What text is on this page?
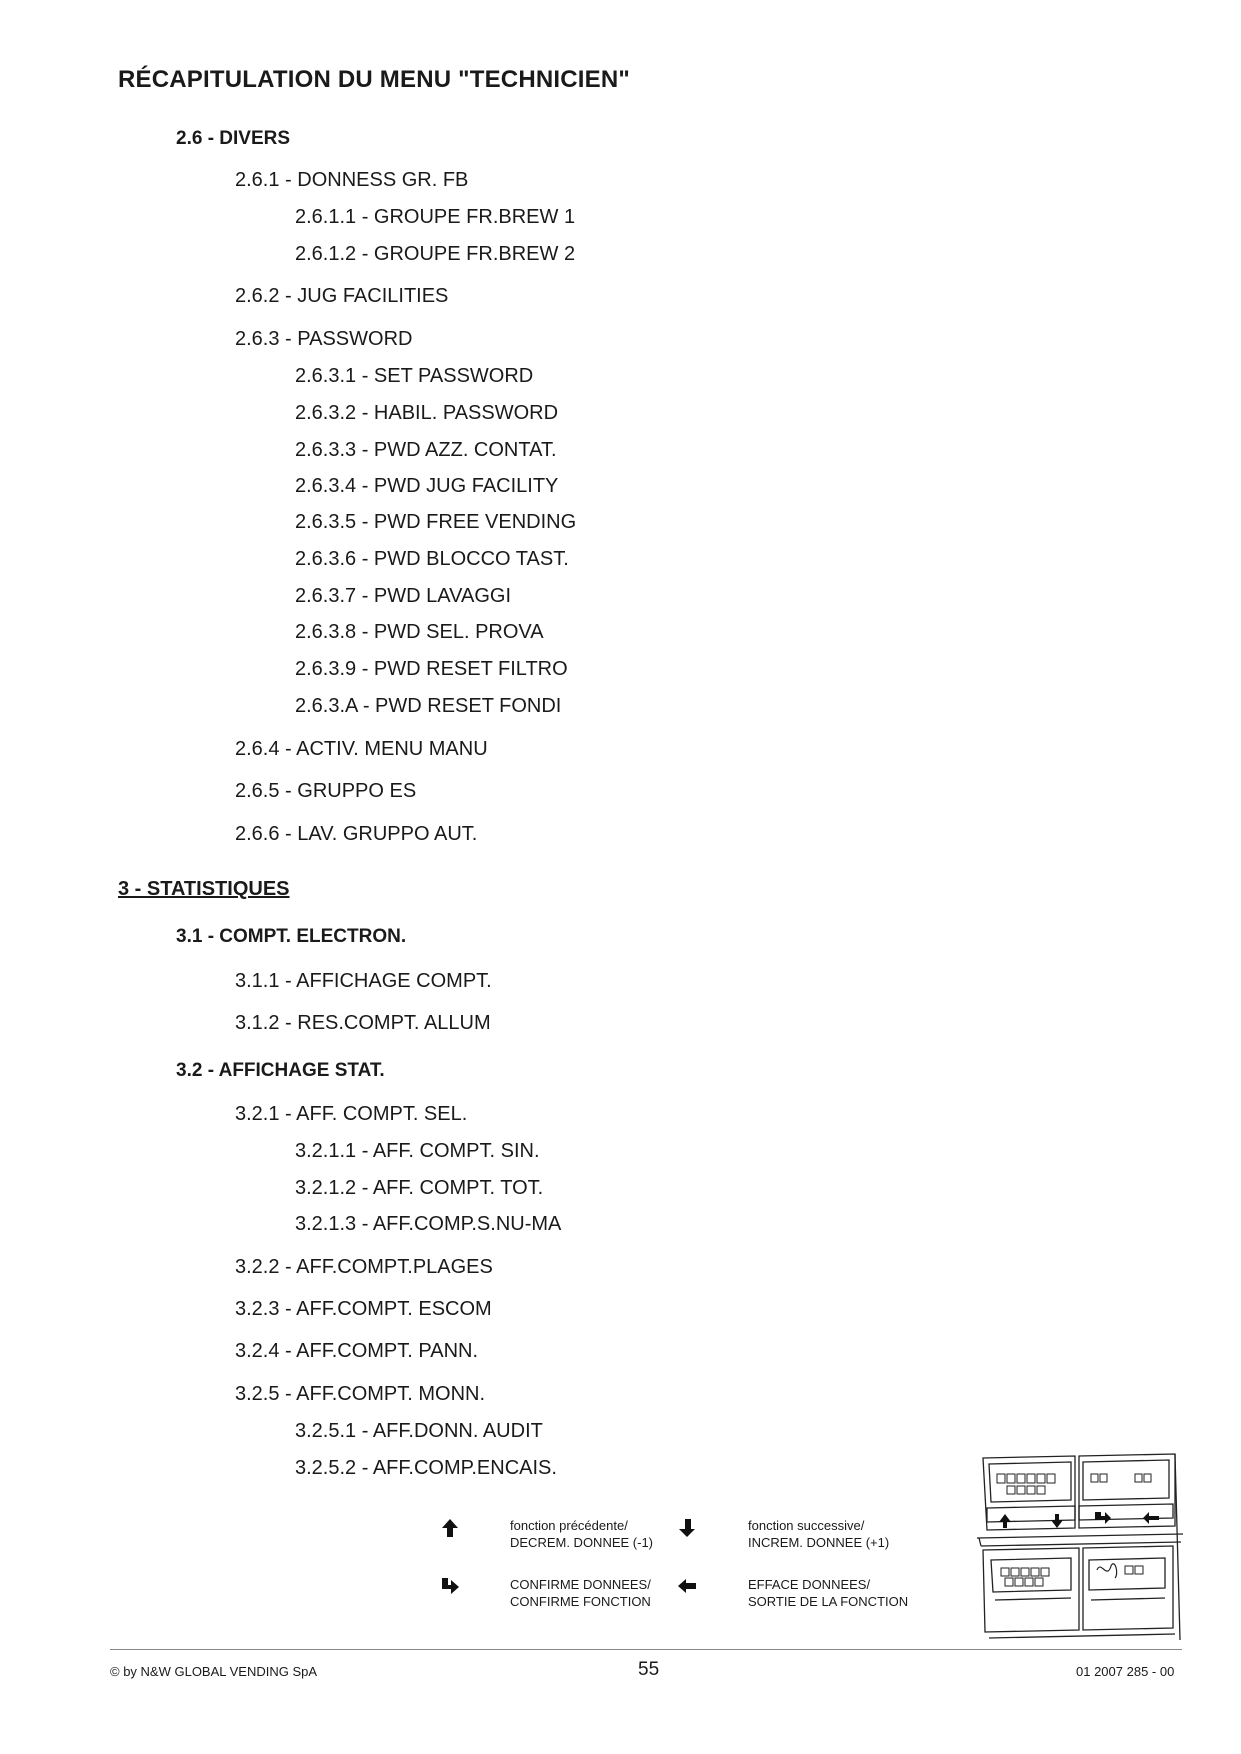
RÉCAPITULATION DU MENU "TECHNICIEN"
2.6 - DIVERS
2.6.1 - DONNESS GR. FB
2.6.1.1 - GROUPE FR.BREW 1
2.6.1.2 - GROUPE FR.BREW 2
2.6.2 - JUG FACILITIES
2.6.3 - PASSWORD
2.6.3.1 - SET PASSWORD
2.6.3.2 - HABIL. PASSWORD
2.6.3.3 - PWD AZZ. CONTAT.
2.6.3.4 - PWD JUG FACILITY
2.6.3.5 - PWD FREE VENDING
2.6.3.6 - PWD BLOCCO TAST.
2.6.3.7 - PWD LAVAGGI
2.6.3.8 - PWD SEL. PROVA
2.6.3.9 - PWD RESET FILTRO
2.6.3.A - PWD RESET FONDI
2.6.4 - ACTIV. MENU MANU
2.6.5 - GRUPPO ES
2.6.6 - LAV. GRUPPO AUT.
3 - STATISTIQUES
3.1 - COMPT. ELECTRON.
3.1.1 - AFFICHAGE COMPT.
3.1.2 - RES.COMPT. ALLUM
3.2 - AFFICHAGE STAT.
3.2.1 - AFF. COMPT. SEL.
3.2.1.1 - AFF. COMPT. SIN.
3.2.1.2 - AFF. COMPT. TOT.
3.2.1.3 - AFF.COMP.S.NU-MA
3.2.2 - AFF.COMPT.PLAGES
3.2.3 - AFF.COMPT. ESCOM
3.2.4 - AFF.COMPT. PANN.
3.2.5 - AFF.COMPT. MONN.
3.2.5.1 - AFF.DONN. AUDIT
3.2.5.2 - AFF.COMP.ENCAIS.
fonction précédente/
DECREM. DONNEE (-1)
fonction successive/
INCREM. DONNEE (+1)
CONFIRME DONNEES/
CONFIRME FONCTION
EFFACE DONNEES/
SORTIE DE LA FONCTION
© by N&W GLOBAL VENDING SpA	55	01 2007 285 - 00
